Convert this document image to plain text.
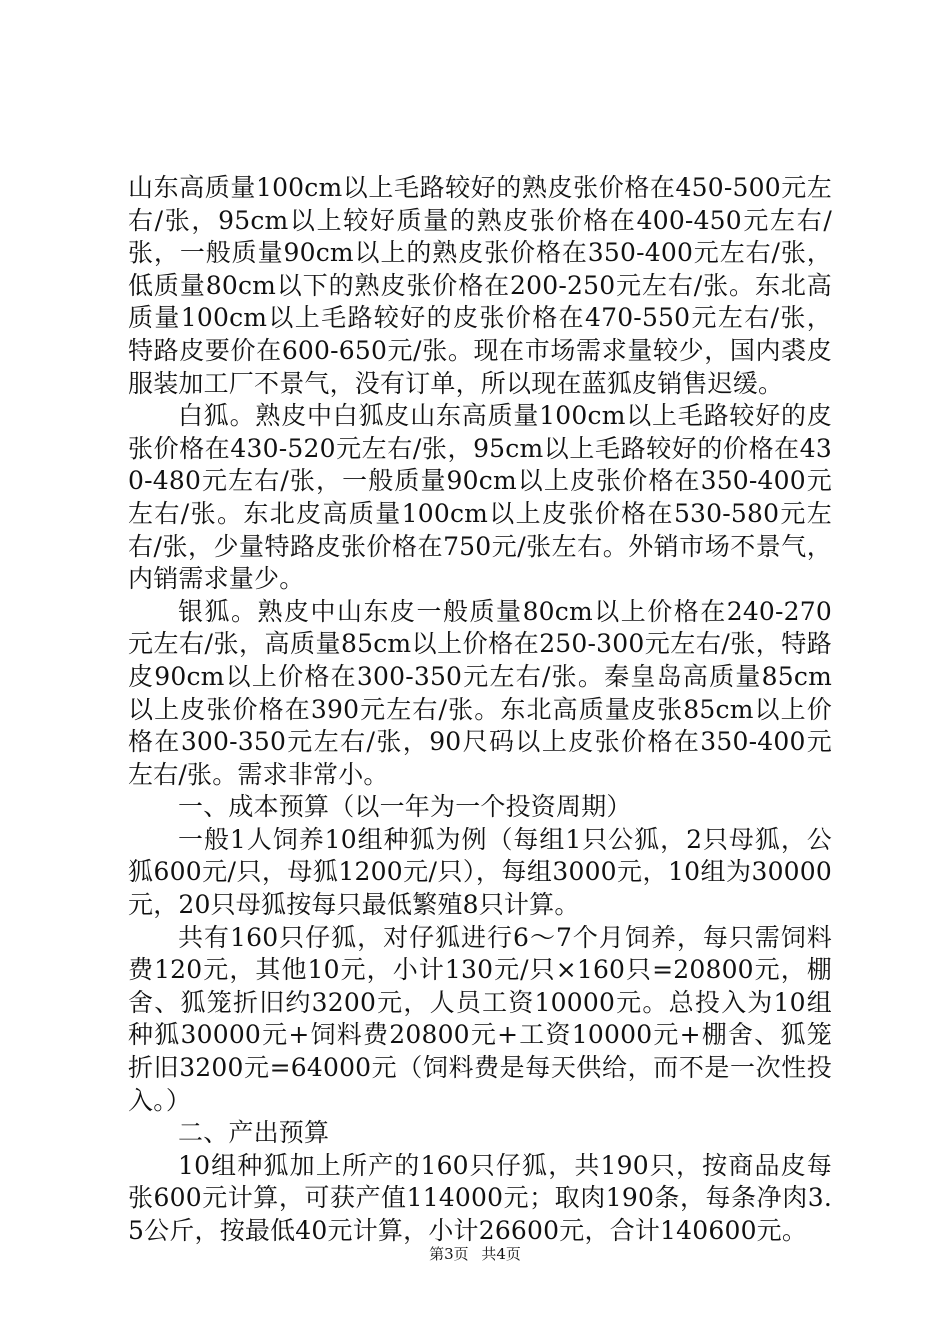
山东高质量100cm以上毛路较好的熟皮张价格在450-500元左右/张，95cm以上较好质量的熟皮张价格在400-450元左右/张，一般质量90cm以上的熟皮张价格在350-400元左右/张，低质量80cm以下的熟皮张价格在200-250元左右/张。东北高质量100cm以上毛路较好的皮张价格在470-550元左右/张，特路皮要价在600-650元/张。现在市场需求量较少，国内裘皮服装加工厂不景气，没有订单，所以现在蓝狐皮销售迟缓。

白狐。熟皮中白狐皮山东高质量100cm以上毛路较好的皮张价格在430-520元左右/张，95cm以上毛路较好的价格在430-480元左右/张，一般质量90cm以上皮张价格在350-400元左右/张。东北皮高质量100cm以上皮张价格在530-580元左右/张，少量特路皮张价格在750元/张左右。外销市场不景气，内销需求量少。

银狐。熟皮中山东皮一般质量80cm以上价格在240-270元左右/张，高质量85cm以上价格在250-300元左右/张，特路皮90cm以上价格在300-350元左右/张。秦皇岛高质量85cm以上皮张价格在390元左右/张。东北高质量皮张85cm以上价格在300-350元左右/张，90尺码以上皮张价格在350-400元左右/张。需求非常小。

一、成本预算（以一年为一个投资周期）

一般1人饲养10组种狐为例（每组1只公狐，2只母狐，公狐600元/只，母狐1200元/只），每组3000元，10组为30000元，20只母狐按每只最低繁殖8只计算。

共有160只仔狐，对仔狐进行6～7个月饲养，每只需饲料费120元，其他10元，小计130元/只×160只=20800元，棚舍、狐笼折旧约3200元，人员工资10000元。总投入为10组种狐30000元+饲料费20800元+工资10000元+棚舍、狐笼折旧3200元=64000元（饲料费是每天供给，而不是一次性投入。）

二、产出预算

10组种狐加上所产的160只仔狐，共190只，按商品皮每张600元计算，可获产值114000元；取肉190条，每条净肉3.5公斤，按最低40元计算，小计26600元，合计140600元。

第3页 共4页
